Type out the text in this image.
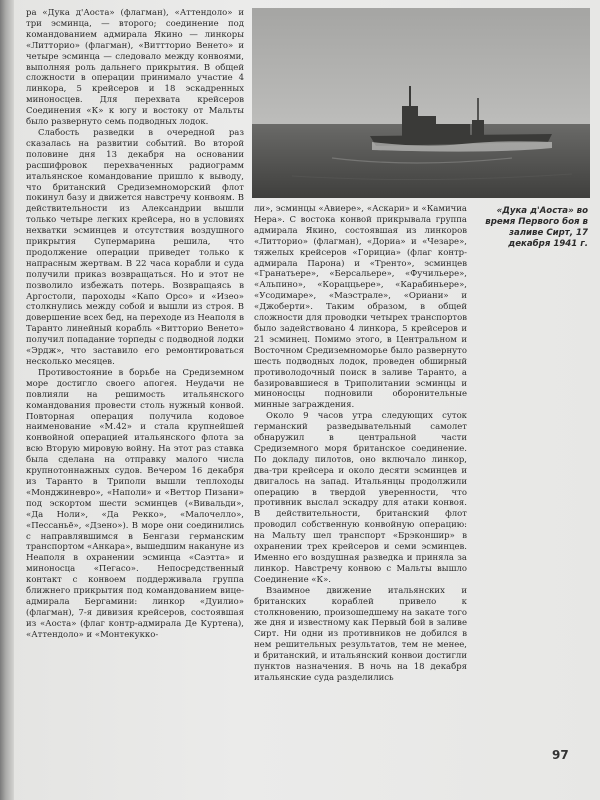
ра «Дука д'Аоста» (флагман), «Аттендоло» и три эсминца, — второго; соединение под командованием адмирала Якино — линкоры «Литторио» (флагман), «Виттторио Венето» и четыре эсминца — следовало между конвоями, выполняя роль дальнего прикрытия. В общей сложности в операции принимало участие 4 линкора, 5 крейсеров и 18 эскадренных миноносцев. Для перехвата крейсеров Соединения «К» к югу и востоку от Мальты было развернуто семь подводных лодок.

Слабость разведки в очередной раз сказалась на развитии событий. Во второй половине дня 13 декабря на основании расшифровок перехваченных радиограмм итальянское командование пришло к выводу, что британский Средиземноморский флот покинул базу и движется навстречу конвоям. В действительности из Александрии вышли только четыре легких крейсера, но в условиях нехватки эсминцев и отсутствия воздушного прикрытия Супермарина решила, что продолжение операции приведет только к напрасным жертвам. В 22 часа корабли и суда получили приказ возвращаться. Но и этот не позволило избежать потерь. Возвращаясь в Аргостоли, пароходы «Капо Орсо» и «Изео» столкнулись между собой и вышли из строя. В довершение всех бед, на переходе из Неаполя в Таранто линейный корабль «Витторио Венето» получил попадание торпеды с подводной лодки «Эрдж», что заставило его ремонтироваться несколько месяцев.

Противостояние в борьбе на Средиземном море достигло своего апогея. Неудачи не повлияли на решимость итальянского командования провести столь нужный конвой. Повторная операция получила кодовое наименование «М.42» и стала крупнейшей конвойной операцией итальянского флота за всю Вторую мировую войну. На этот раз ставка была сделана на отправку малого числа крупнотоннажных судов. Вечером 16 декабря из Таранто в Триполи вышли теплоходы «Монджиневро», «Наполи» и «Веттор Пизани» под эскортом шести эсминцев («Вивальди», «Да Ноли», «Да Рекко», «Малочелло», «Пессаньё», «Дзено»). В море они соединились с направлявшимся в Бенгази германским транспортом «Анкара», вышедшим накануне из Неаполя в охранении эсминца «Саэтта» и миноносца «Пегасо». Непосредственный контакт с конвоем поддерживала группа ближнего прикрытия под командованием вице-адмирала Бергамини: линкор «Дуилио» (флагман), 7-я дивизия крейсеров, состоявшая из «Аоста» (флаг контр-адмирала Де Куртена), «Аттендоло» и «Монтекукко-

ли», эсминцы «Авиере», «Аскари» и «Камичиа Нера». С востока конвой прикрывала группа адмирала Якино, состоявшая из линкоров «Литторио» (флагман), «Дориа» и «Чезаре», тяжелых крейсеров «Горициа» (флаг контр-адмирала Парона) и «Тренто», эсминцев «Гранатьере», «Берсальере», «Фучильере», «Альпино», «Кораццьере», «Карабиньере», «Усодимаре», «Маэстрале», «Ориани» и «Джоберти». Таким образом, в общей сложности для проводки четырех транспортов было задействовано 4 линкора, 5 крейсеров и 21 эсминец. Помимо этого, в Центральном и Восточном Средиземноморье было развернуто шесть подводных лодок, проведен обширный противолодочный поиск в заливе Таранто, а базировавшиеся в Триполитании эсминцы и миноносцы подновили оборонительные минные заграждения.

Около 9 часов утра следующих суток германский разведывательный самолет обнаружил в центральной части Средиземного моря британское соединение. По докладу пилотов, оно включало линкор, два-три крейсера и около десяти эсминцев и двигалось на запад. Итальянцы продолжили операцию в твердой уверенности, что противник выслал эскадру для атаки конвоя. В действительности, британский флот проводил собственную конвойную операцию: на Мальту шел транспорт «Брэконшир» в охранении трех крейсеров и семи эсминцев. Именно его воздушная разведка и приняла за линкор. Навстречу конвою с Мальты вышло Соединение «К».

Взаимное движение итальянских и британских кораблей привело к столкновению, произошедшему на закате того же дня и известному как Первый бой в заливе Сирт. Ни одни из противников не добился в нем решительных результатов, тем не менее, и британский, и итальянский конвои достигли пунктов назначения. В ночь на 18 декабря итальянские суда разделились

«Дука д'Аоста» во время Первого боя в заливе Сирт, 17 декабря 1941 г.
97
